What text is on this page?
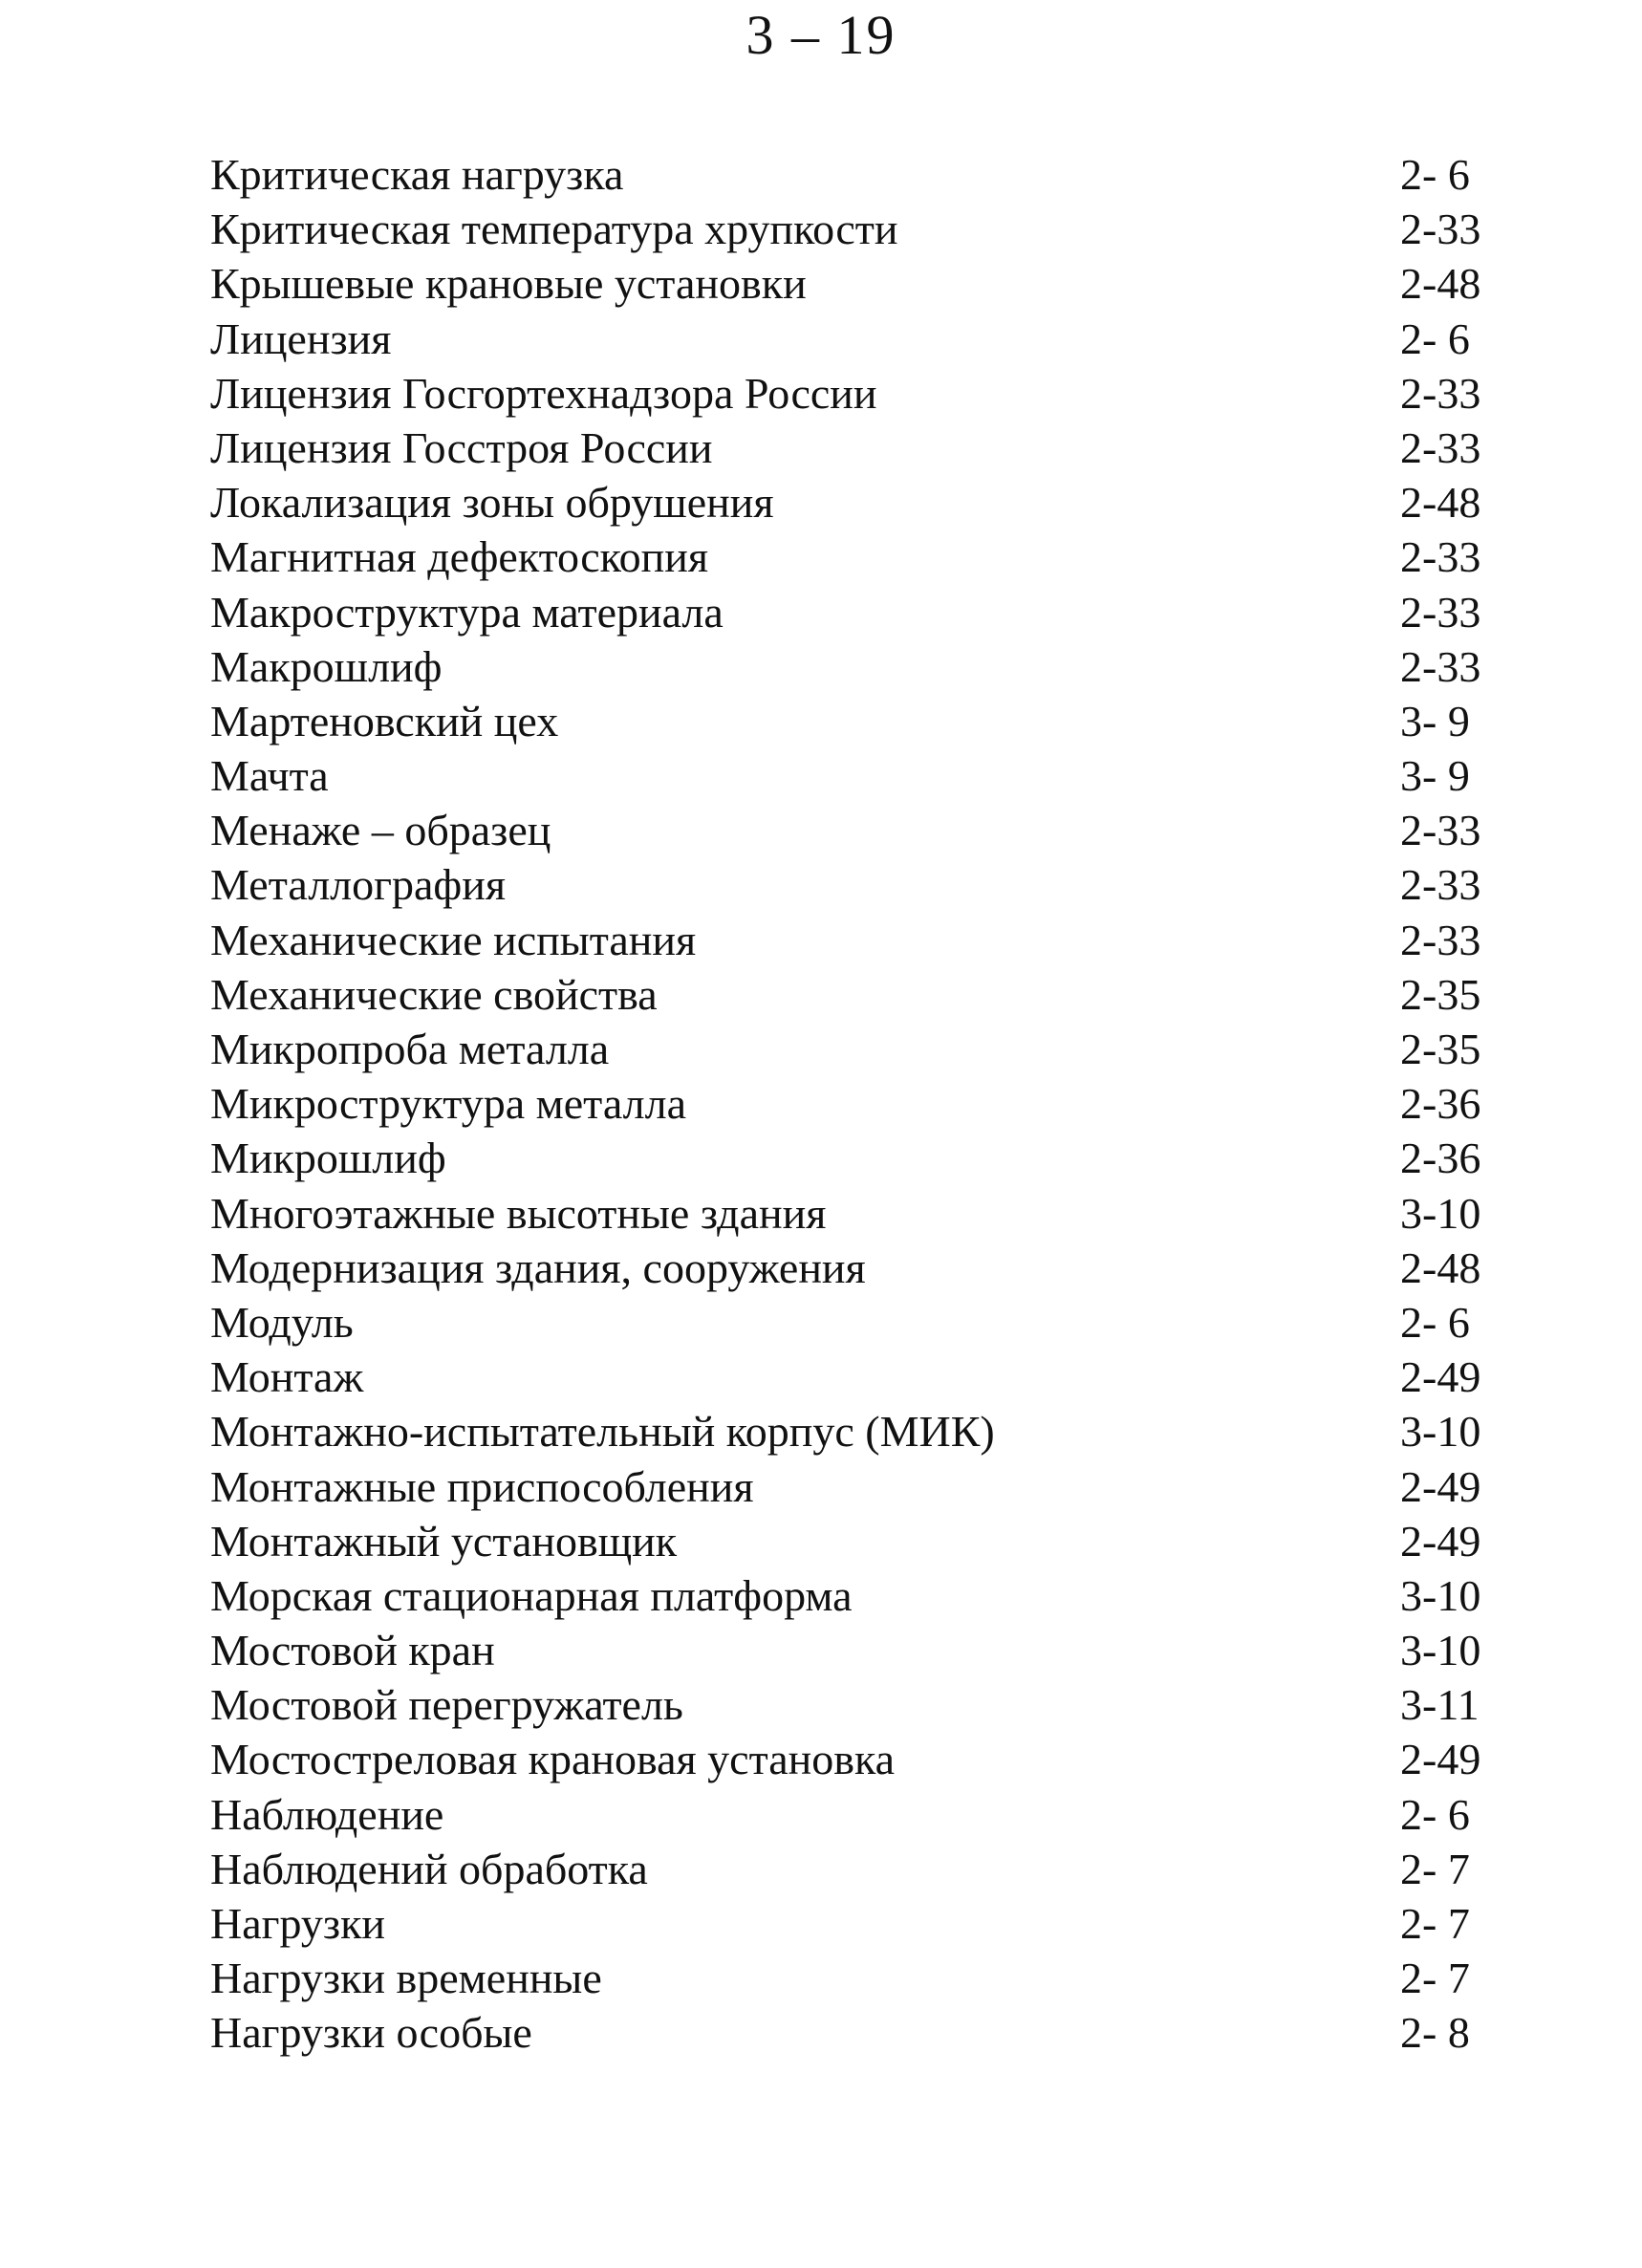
3 – 19
Критическая нагрузка	2- 6
Критическая температура хрупкости	2-33
Крышевые крановые установки	2-48
Лицензия	2- 6
Лицензия Госгортехнадзора России	2-33
Лицензия Госстроя России	2-33
Локализация зоны обрушения	2-48
Магнитная дефектоскопия	2-33
Макроструктура материала	2-33
Макрошлиф	2-33
Мартеновский цех	3- 9
Мачта	3- 9
Менаже – образец	2-33
Металлография	2-33
Механические испытания	2-33
Механические свойства	2-35
Микропроба металла	2-35
Микроструктура металла	2-36
Микрошлиф	2-36
Многоэтажные высотные здания	3-10
Модернизация здания, сооружения	2-48
Модуль	2- 6
Монтаж	2-49
Монтажно-испытательный корпус (МИК)	3-10
Монтажные приспособления	2-49
Монтажный установщик	2-49
Морская стационарная платформа	3-10
Мостовой кран	3-10
Мостовой перегружатель	3-11
Мостостреловая крановая установка	2-49
Наблюдение	2- 6
Наблюдений обработка	2- 7
Нагрузки	2- 7
Нагрузки временные	2- 7
Нагрузки особые	2- 8
